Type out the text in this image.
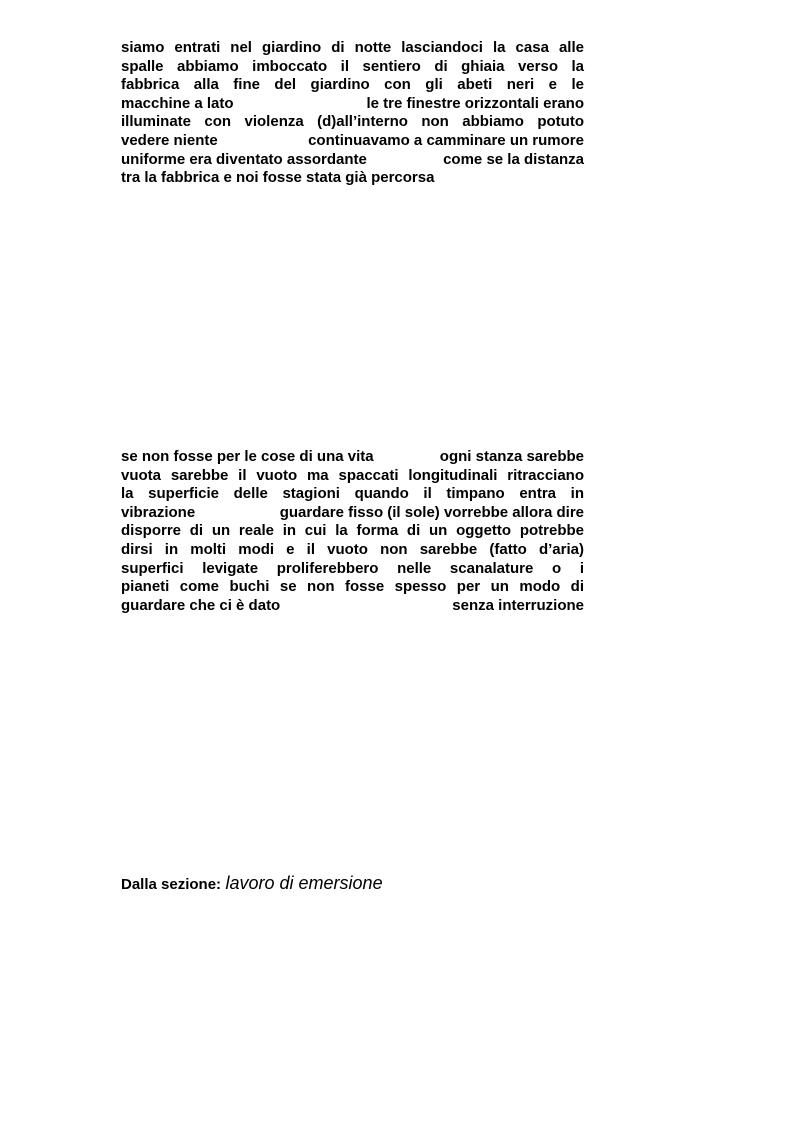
siamo entrati nel giardino di notte lasciandoci la casa alle
spalle abbiamo imboccato il sentiero di ghiaia verso la
fabbrica alla fine del giardino con gli abeti neri e le
macchine a lato	le tre finestre orizzontali erano
illuminate con violenza (d)all’interno non abbiamo potuto
vedere niente	continuavamo a camminare un rumore
uniforme era diventato assordante	come se la distanza
tra la fabbrica e noi fosse stata già percorsa
se non fosse per le cose di una vita	ogni stanza sarebbe
vuota sarebbe il vuoto ma spaccati longitudinali ritracciano
la superficie delle stagioni quando il timpano entra in
vibrazione	guardare fisso (il sole) vorrebbe allora dire
disporre di un reale in cui la forma di un oggetto potrebbe
dirsi in molti modi e il vuoto non sarebbe (fatto d’aria)
superfici levigate proliferebbero nelle scanalature o i
pianeti come buchi se non fosse spesso per un modo di
guardare che ci è dato	senza interruzione

Dalla sezione: lavoro di emersione
